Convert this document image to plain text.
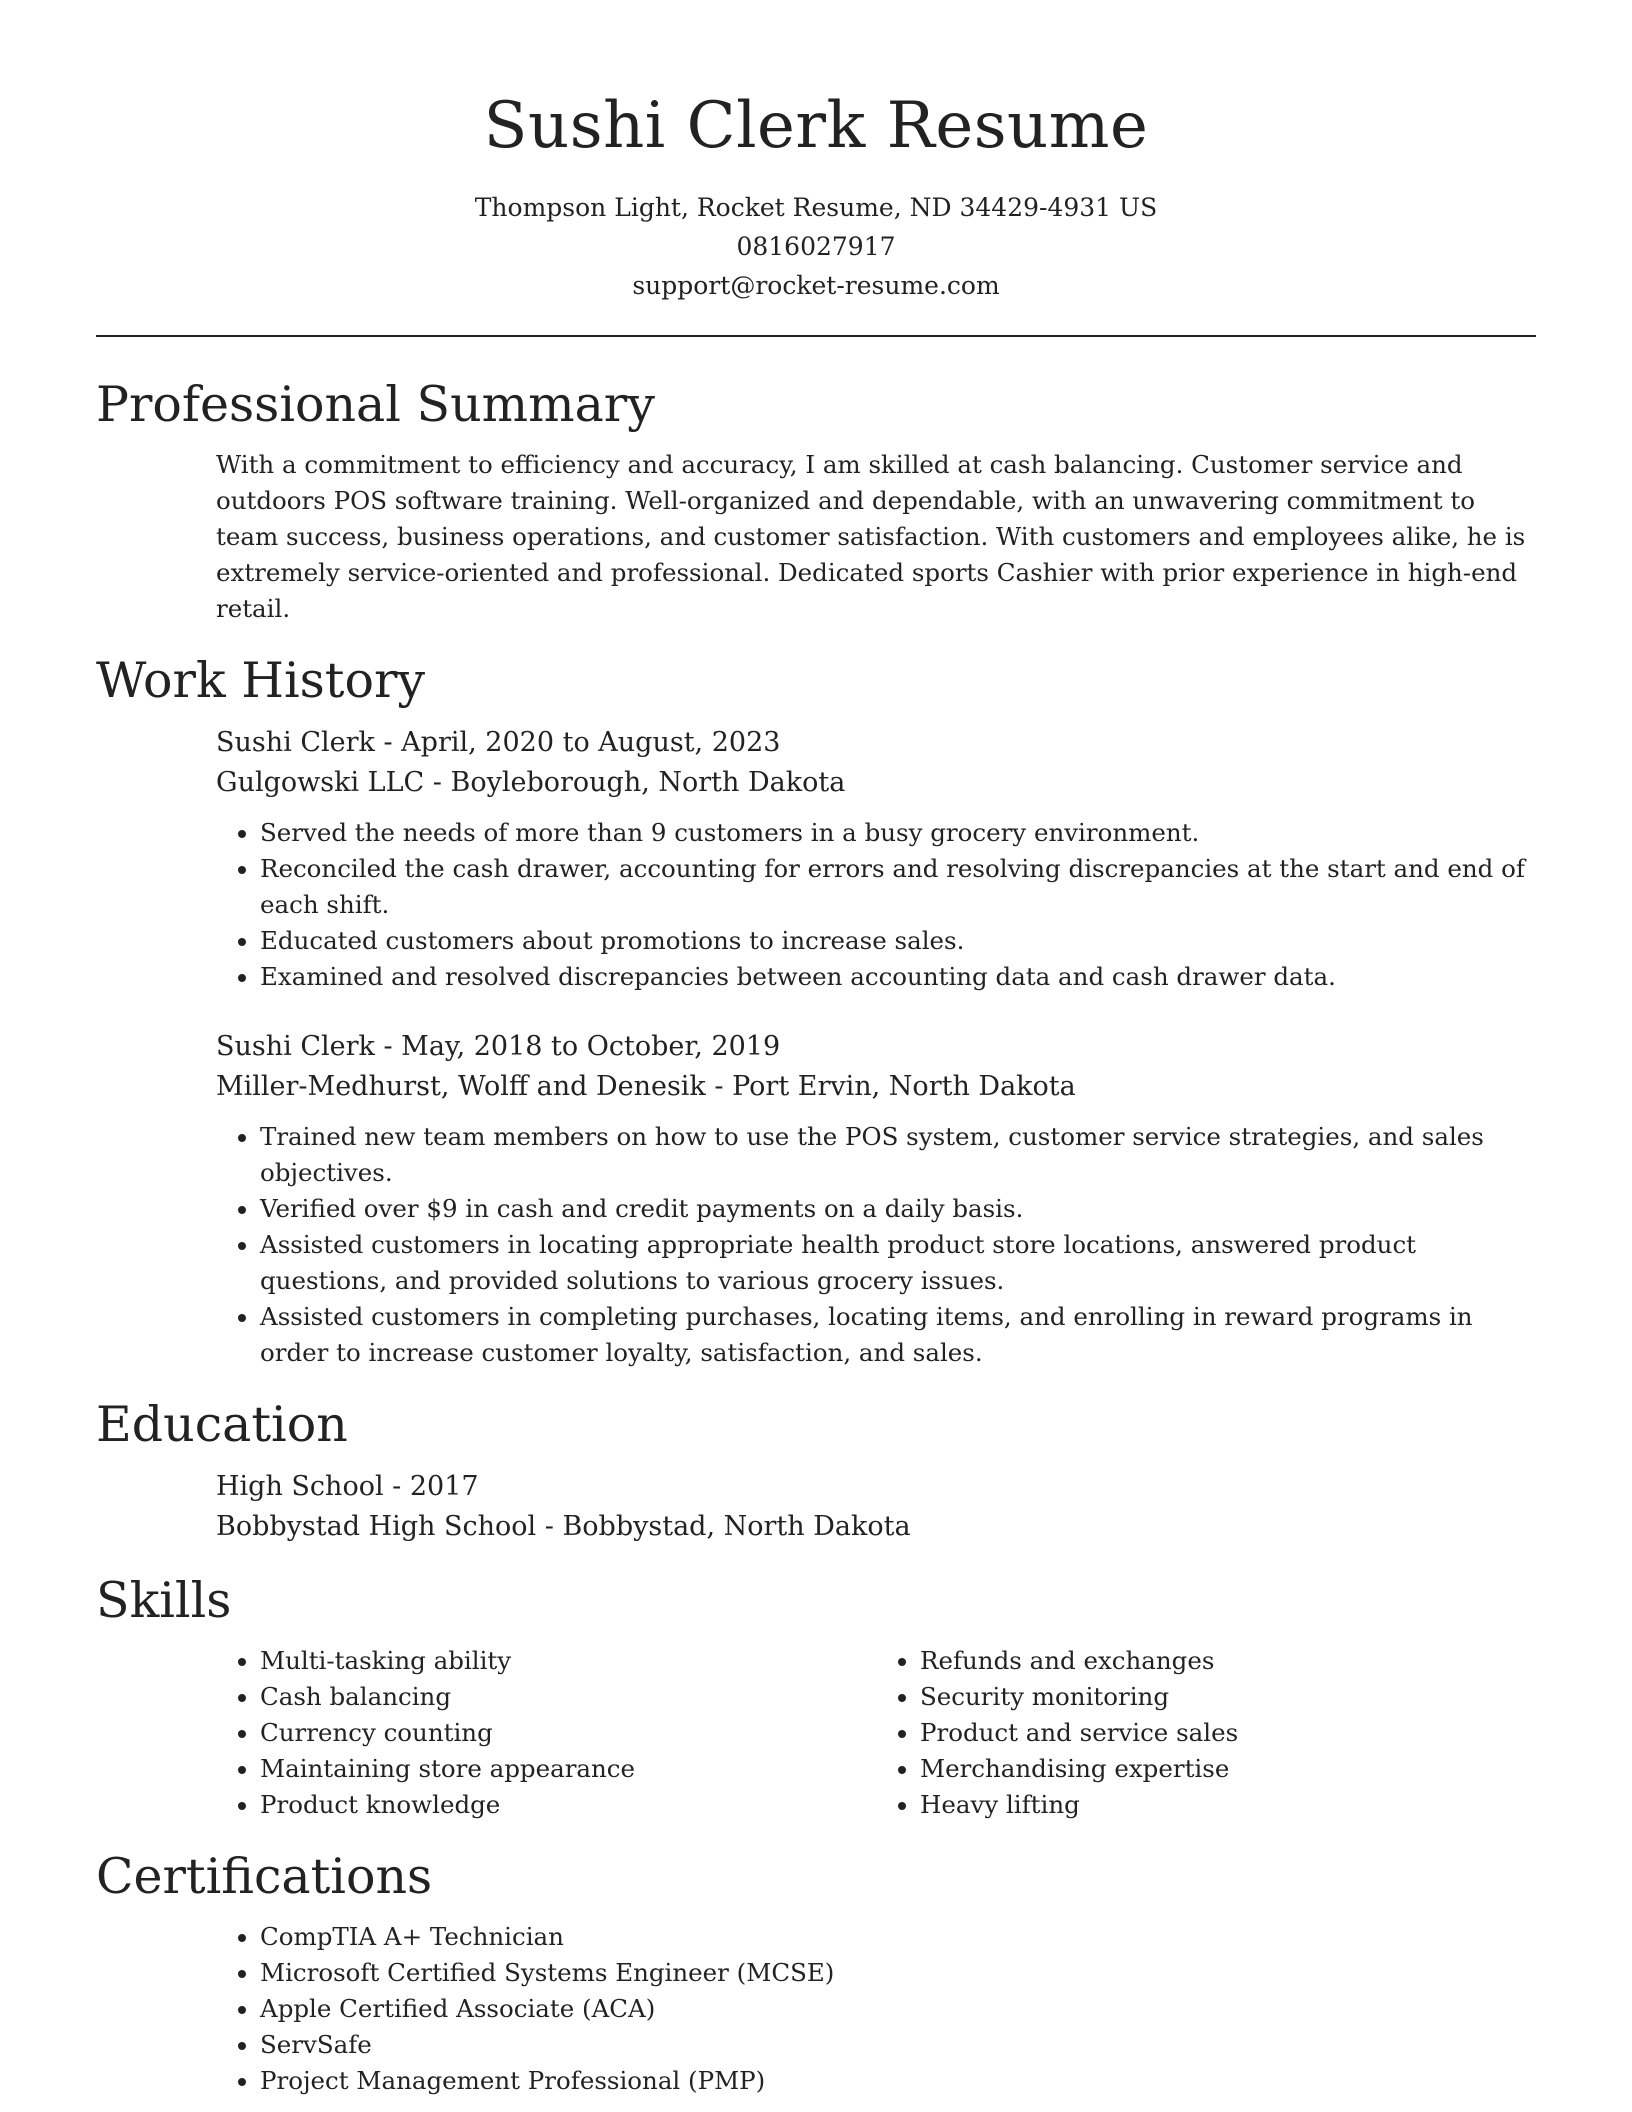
Sushi Clerk Resume
Thompson Light, Rocket Resume, ND 34429-4931 US
0816027917
support@rocket-resume.com
Professional Summary

With a commitment to efficiency and accuracy, I am skilled at cash balancing. Customer service and outdoors POS software training. Well-organized and dependable, with an unwavering commitment to team success, business operations, and customer satisfaction. With customers and employees alike, he is extremely service-oriented and professional. Dedicated sports Cashier with prior experience in high-end retail.

Work History
Sushi Clerk - April, 2020 to August, 2023
Gulgowski LLC - Boyleborough, North Dakota
• Served the needs of more than 9 customers in a busy grocery environment.
• Reconciled the cash drawer, accounting for errors and resolving discrepancies at the start and end of each shift.
• Educated customers about promotions to increase sales.
• Examined and resolved discrepancies between accounting data and cash drawer data.
Sushi Clerk - May, 2018 to October, 2019
Miller-Medhurst, Wolff and Denesik - Port Ervin, North Dakota
• Trained new team members on how to use the POS system, customer service strategies, and sales objectives.
• Verified over $9 in cash and credit payments on a daily basis.
• Assisted customers in locating appropriate health product store locations, answered product questions, and provided solutions to various grocery issues.
• Assisted customers in completing purchases, locating items, and enrolling in reward programs in order to increase customer loyalty, satisfaction, and sales.
Education
High School - 2017
Bobbystad High School - Bobbystad, North Dakota
Skills
• Multi-tasking ability
• Cash balancing
• Currency counting
• Maintaining store appearance
• Product knowledge
• Refunds and exchanges
• Security monitoring
• Product and service sales
• Merchandising expertise
• Heavy lifting
Certifications
• CompTIA A+ Technician
• Microsoft Certified Systems Engineer (MCSE)
• Apple Certified Associate (ACA)
• ServSafe
• Project Management Professional (PMP)
